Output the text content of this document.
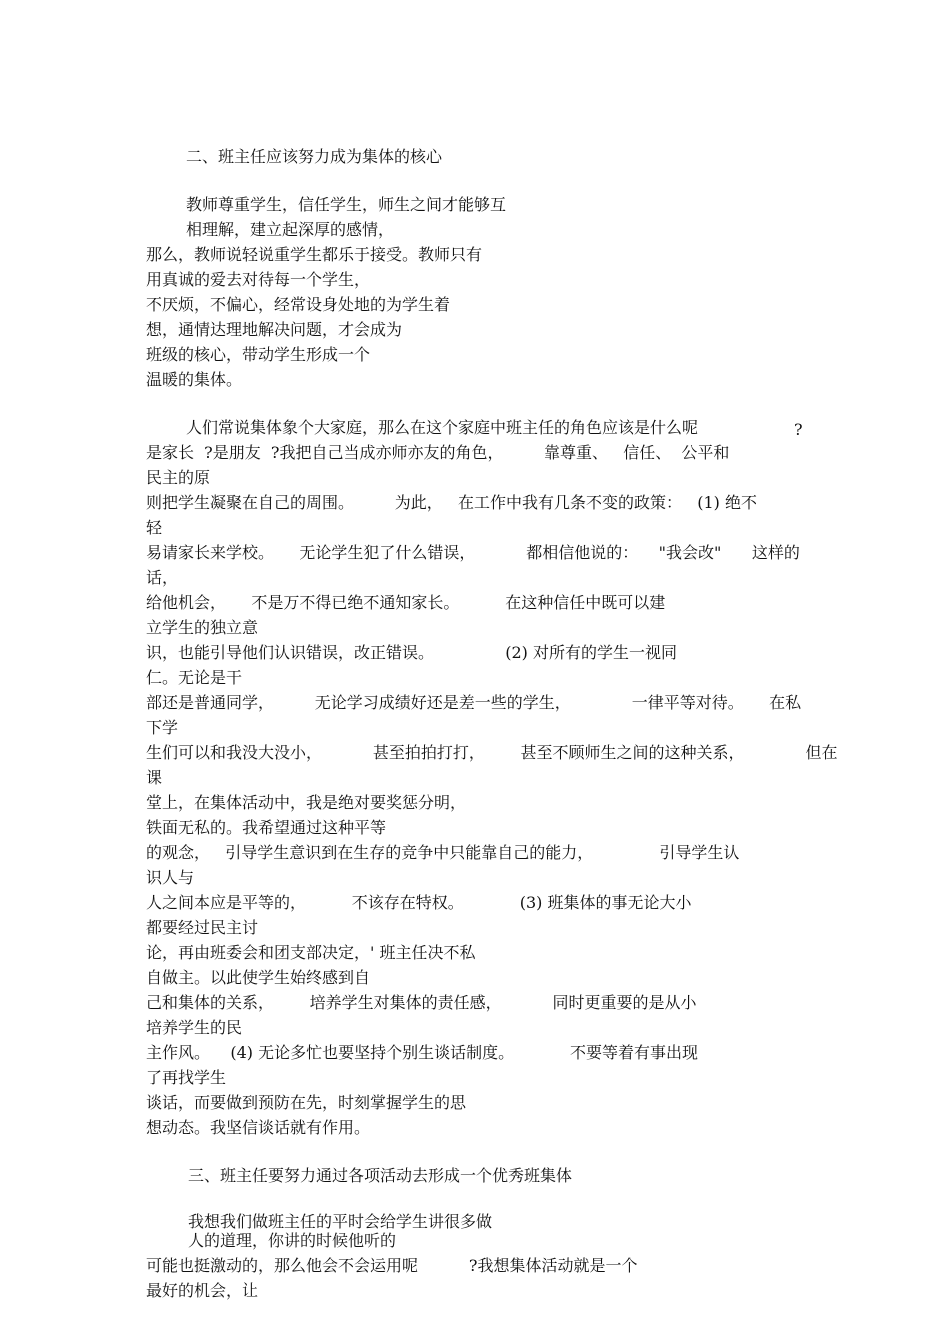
二、班主任应该努力成为集体的核心

教师尊重学生，信任学生，师生之间才能够互

相理解，建立起深厚的感情，

那么，教师说轻说重学生都乐于接受。教师只有

用真诚的爱去对待每一个学生，

不厌烦，不偏心，经常设身处地的为学生着

想，通情达理地解决问题，才会成为

班级的核心，带动学生形成一个

温暖的集体。

人们常说集体象个大家庭，那么在这个家庭中班主任的角色应该是什么呢	?

是家长  ?是朋友  ?我把自己当成亦师亦友的角色，	靠尊重、   信任、  公平和

民主的原

则把学生凝聚在自己的周围。        为此，   在工作中我有几条不变的政策：   (1) 绝不

轻

易请家长来学校。     无论学生犯了什么错误，          都相信他说的：    "我会改"      这样的

话，

给他机会，     不是万不得已绝不通知家长。         在这种信任中既可以建

立学生的独立意

识，也能引导他们认识错误，改正错误。              (2) 对所有的学生一视同

仁。无论是干

部还是普通同学，        无论学习成绩好还是差一些的学生，            一律平等对待。     在私

下学

生们可以和我没大没小，          甚至拍拍打打，       甚至不顾师生之间的这种关系，            但在

课

堂上，在集体活动中，我是绝对要奖惩分明，

铁面无私的。我希望通过这种平等

的观念，   引导学生意识到在生存的竞争中只能靠自己的能力，             引导学生认

识人与

人之间本应是平等的，         不该存在特权。           (3) 班集体的事无论大小

都要经过民主讨

论，再由班委会和团支部决定，' 班主任决不私

自做主。以此使学生始终感到自

己和集体的关系，       培养学生对集体的责任感，          同时更重要的是从小

培养学生的民

主作风。    (4) 无论多忙也要坚持个别生谈话制度。           不要等着有事出现

了再找学生

谈话，而要做到预防在先，时刻掌握学生的思

想动态。我坚信谈话就有作用。

三、班主任要努力通过各项活动去形成一个优秀班集体

我想我们做班主任的平时会给学生讲很多做

人的道理，你讲的时候他听的

可能也挺激动的，那么他会不会运用呢          ?我想集体活动就是一个

最好的机会，让
